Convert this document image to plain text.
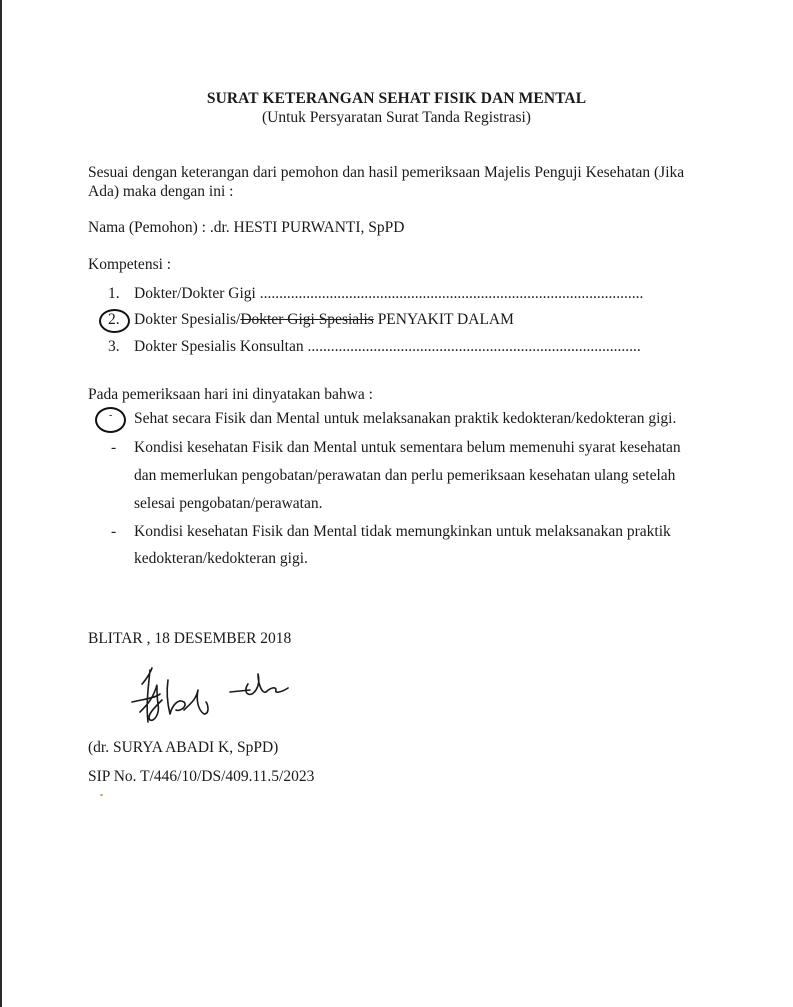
SURAT KETERANGAN SEHAT FISIK DAN MENTAL
(Untuk Persyaratan Surat Tanda Registrasi)
Sesuai dengan keterangan dari pemohon dan hasil pemeriksaan Majelis Penguji Kesehatan (Jika Ada) maka dengan ini :
Nama (Pemohon) : .dr. HESTI PURWANTI, SpPD
Kompetensi :
1. Dokter/Dokter Gigi ...................................................................................................
2. Dokter Spesialis/Dokter Gigi Spesialis PENYAKIT DALAM
3. Dokter Spesialis Konsultan ......................................................................................
Pada pemeriksaan hari ini dinyatakan bahwa :
- Sehat secara Fisik dan Mental untuk melaksanakan praktik kedokteran/kedokteran gigi.
- Kondisi kesehatan Fisik dan Mental untuk sementara belum memenuhi syarat kesehatan
dan memerlukan pengobatan/perawatan dan perlu pemeriksaan kesehatan ulang setelah
selesai pengobatan/perawatan.
- Kondisi kesehatan Fisik dan Mental tidak memungkinkan untuk melaksanakan praktik
kedokteran/kedokteran gigi.
BLITAR , 18 DESEMBER 2018
(dr. SURYA ABADI K, SpPD)
SIP No. T/446/10/DS/409.11.5/2023
